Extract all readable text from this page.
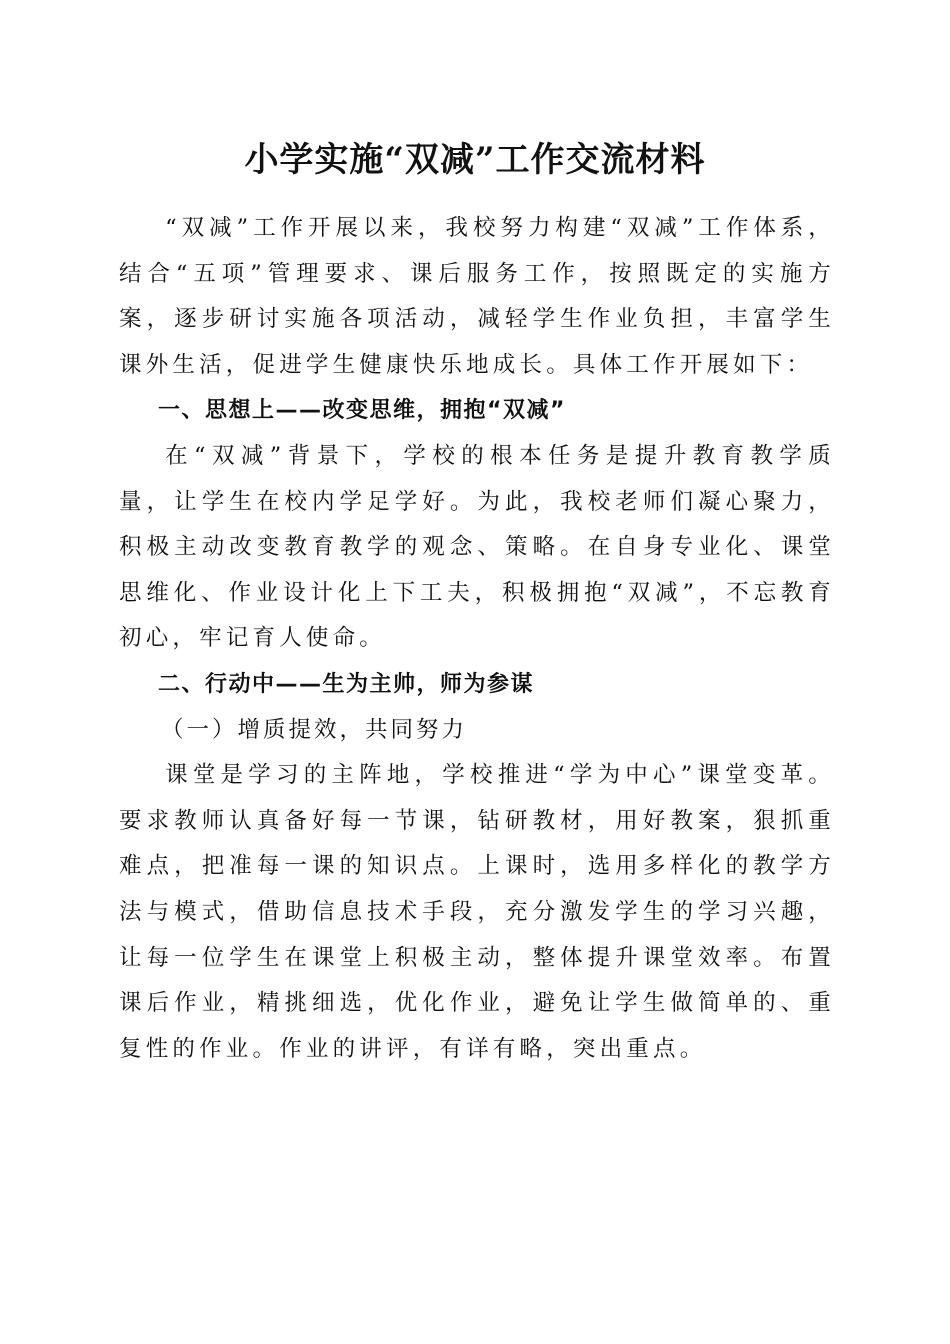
小学实施“双减”工作交流材料

“双减”工作开展以来，我校努力构建“双减”工作体系，结合“五项”管理要求、课后服务工作，按照既定的实施方案，逐步研讨实施各项活动，减轻学生作业负担，丰富学生课外生活，促进学生健康快乐地成长。具体工作开展如下：

一、思想上——改变思维，拥抱“双减”

在“双减”背景下，学校的根本任务是提升教育教学质量，让学生在校内学足学好。为此，我校老师们凝心聚力，积极主动改变教育教学的观念、策略。在自身专业化、课堂思维化、作业设计化上下工夫，积极拥抱“双减”，不忘教育初心，牢记育人使命。

二、行动中——生为主帅，师为参谋

（一）增质提效，共同努力

课堂是学习的主阵地，学校推进“学为中心”课堂变革。要求教师认真备好每一节课，钻研教材，用好教案，狠抓重难点，把准每一课的知识点。上课时，选用多样化的教学方法与模式，借助信息技术手段，充分激发学生的学习兴趣，让每一位学生在课堂上积极主动，整体提升课堂效率。布置课后作业，精挑细选，优化作业，避免让学生做简单的、重复性的作业。作业的讲评，有详有略，突出重点。
